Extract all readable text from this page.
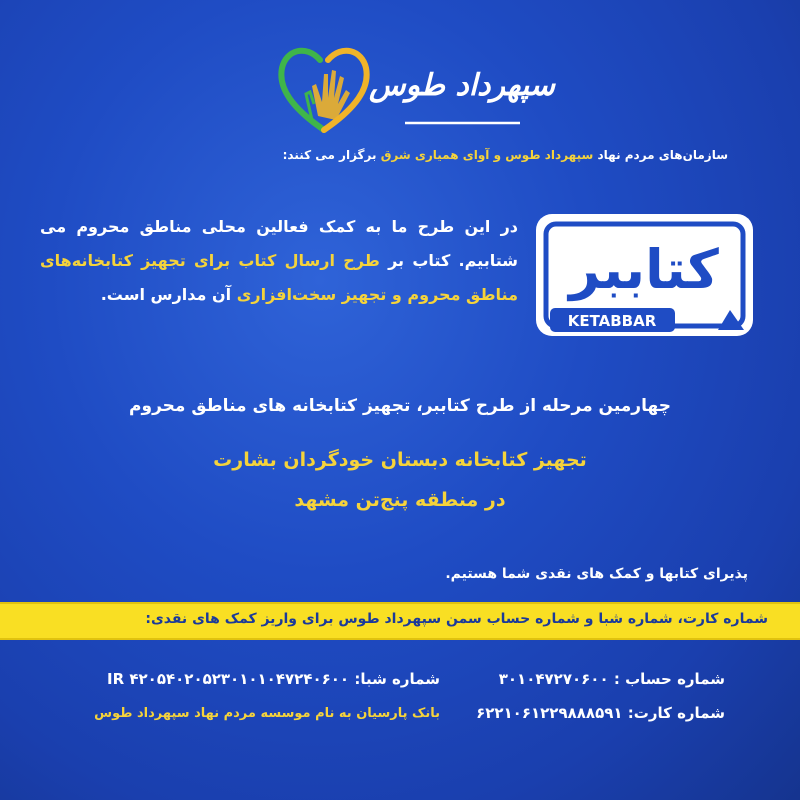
سپهرداد طوس
سازمان‌های مردم نهاد سپهرداد طوس و آوای همیاری شرق برگزار می کنند:
کتاببر
KETABBAR
در این طرح ما به کمک فعالین محلی مناطق محروم می شتابیم. کتاب بر طرح ارسال کتاب برای تجهیز کتابخانه‌های مناطق محروم و تجهیز سخت‌افزاری آن مدارس است.
چهارمین مرحله از طرح کتاببر، تجهیز کتابخانه های مناطق محروم
تجهیز کتابخانه دبستان خودگردان بشارت
در منطقه پنج‌تن مشهد
پذیرای کتابها و کمک های نقدی شما هستیم.
شماره کارت، شماره شبا و شماره حساب سمن سپهرداد طوس برای واریز کمک های نقدی:
شماره حساب : ۳۰۱۰۴۷۲۷۰۶۰۰
شماره کارت: ۶۲۲۱۰۶۱۲۲۹۸۸۸۵۹۱
شماره شبا: IR ۴۲۰۵۴۰۲۰۵۲۳۰۱۰۱۰۴۷۲۴۰۶۰۰
بانک پارسیان به نام موسسه مردم نهاد سپهرداد طوس
